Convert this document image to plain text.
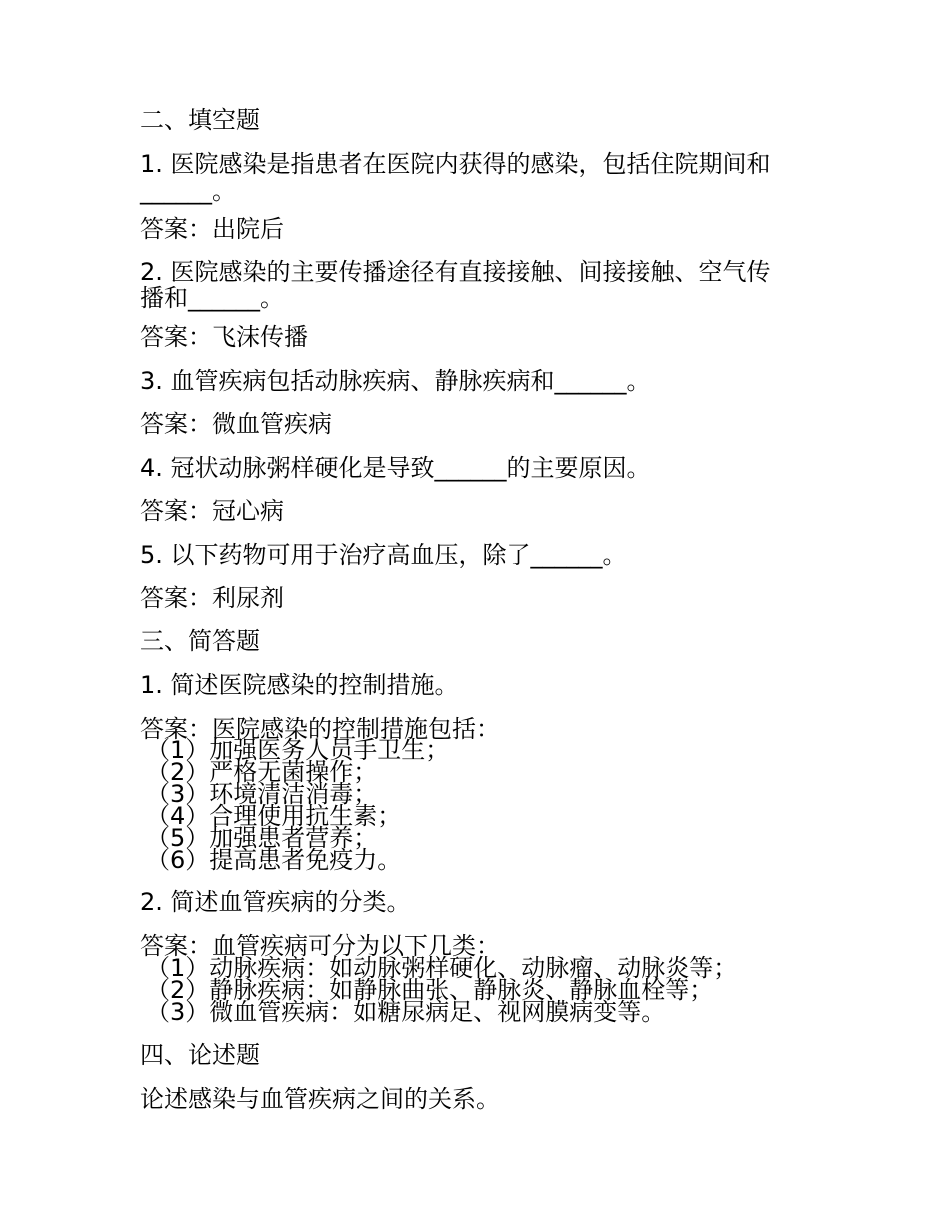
二、填空题

1. 医院感染是指患者在医院内获得的感染，包括住院期间和

______。

答案：出院后

2. 医院感染的主要传播途径有直接接触、间接接触、空气传

播和______。

答案：飞沫传播

3. 血管疾病包括动脉疾病、静脉疾病和______。

答案：微血管疾病

4. 冠状动脉粥样硬化是导致______的主要原因。

答案：冠心病

5. 以下药物可用于治疗高血压，除了______。

答案：利尿剂

三、简答题

1. 简述医院感染的控制措施。

答案：医院感染的控制措施包括：

（1）加强医务人员手卫生；

（2）严格无菌操作；

（3）环境清洁消毒；

（4）合理使用抗生素；

（5）加强患者营养；

（6）提高患者免疫力。

2. 简述血管疾病的分类。

答案：血管疾病可分为以下几类：

（1）动脉疾病：如动脉粥样硬化、动脉瘤、动脉炎等；

（2）静脉疾病：如静脉曲张、静脉炎、静脉血栓等；

（3）微血管疾病：如糖尿病足、视网膜病变等。

四、论述题

论述感染与血管疾病之间的关系。
